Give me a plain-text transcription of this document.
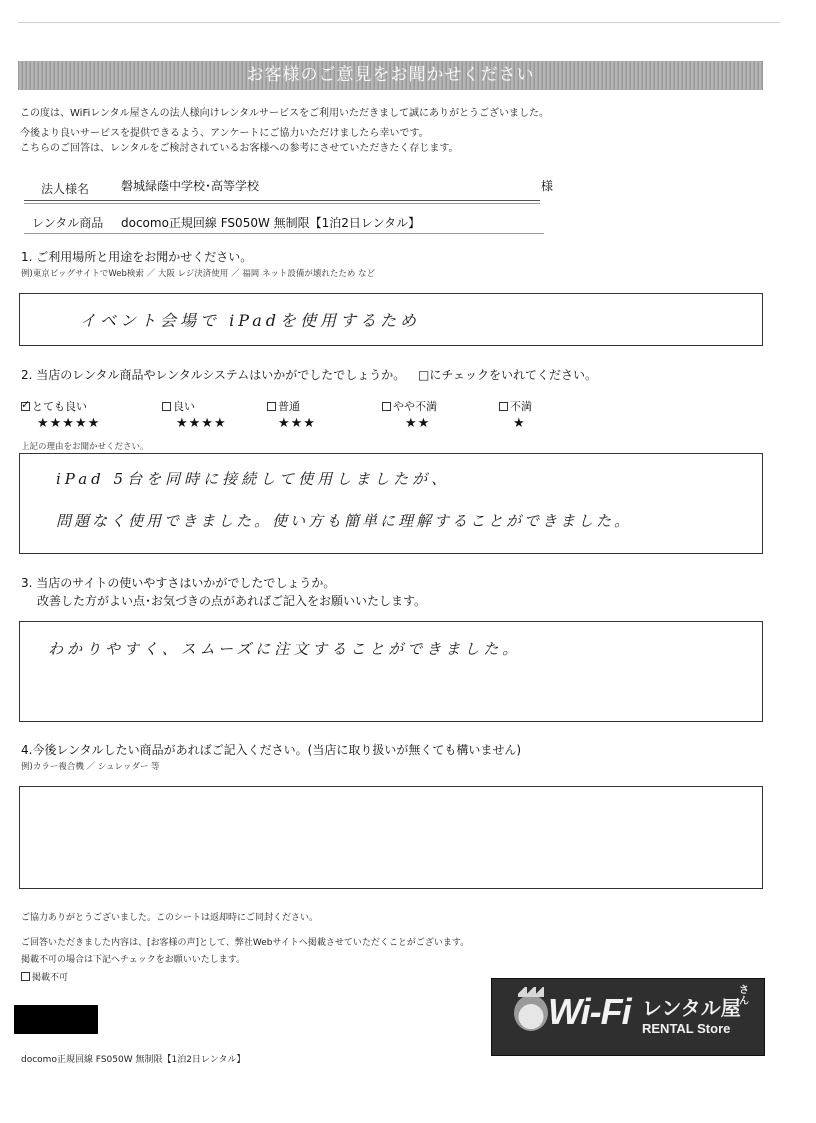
お客様のご意見をお聞かせください
この度は、WiFiレンタル屋さんの法人様向けレンタルサービスをご利用いただきまして誠にありがとうございました。
今後より良いサービスを提供できるよう、アンケートにご協力いただけましたら幸いです。
こちらのご回答は、レンタルをご検討されているお客様への参考にさせていただきたく存じます。
法人様名	磐城緑蔭中学校･高等学校	様
レンタル商品 docomo正規回線 FS050W 無制限【1泊2日レンタル】
1. ご利用場所と用途をお聞かせください。
例)東京ビッグサイトでWeb検索 ／ 大阪 レジ決済使用 ／ 福岡 ネット設備が壊れたため など
イベント会場で iPadを使用するため
2. 当店のレンタル商品やレンタルシステムはいかがでしたでしょうか。 □にチェックをいれてください。
✓とても良い
★★★★★
良い
★★★★
普通
★★★
やや不満
★★
不満
★
上記の理由をお聞かせください。
iPad 5台を同時に接続して使用しましたが、
問題なく使用できました。使い方も簡単に理解することができました。
3. 当店のサイトの使いやすさはいかがでしたでしょうか。
改善した方がよい点･お気づきの点があればご記入をお願いいたします。
わかりやすく、スムーズに注文することができました。
4.今後レンタルしたい商品があればご記入ください。(当店に取り扱いが無くても構いません)
例)カラー複合機 ／ シュレッダー 等
ご協力ありがとうございました。このシートは返却時にご同封ください。
ご回答いただきました内容は、[お客様の声]として、弊社Webサイトへ掲載させていただくことがございます。
掲載不可の場合は下記へチェックをお願いいたします。
掲載不可
Wi-Fi レンタル屋
さん
RENTAL Store
docomo正規回線 FS050W 無制限【1泊2日レンタル】
